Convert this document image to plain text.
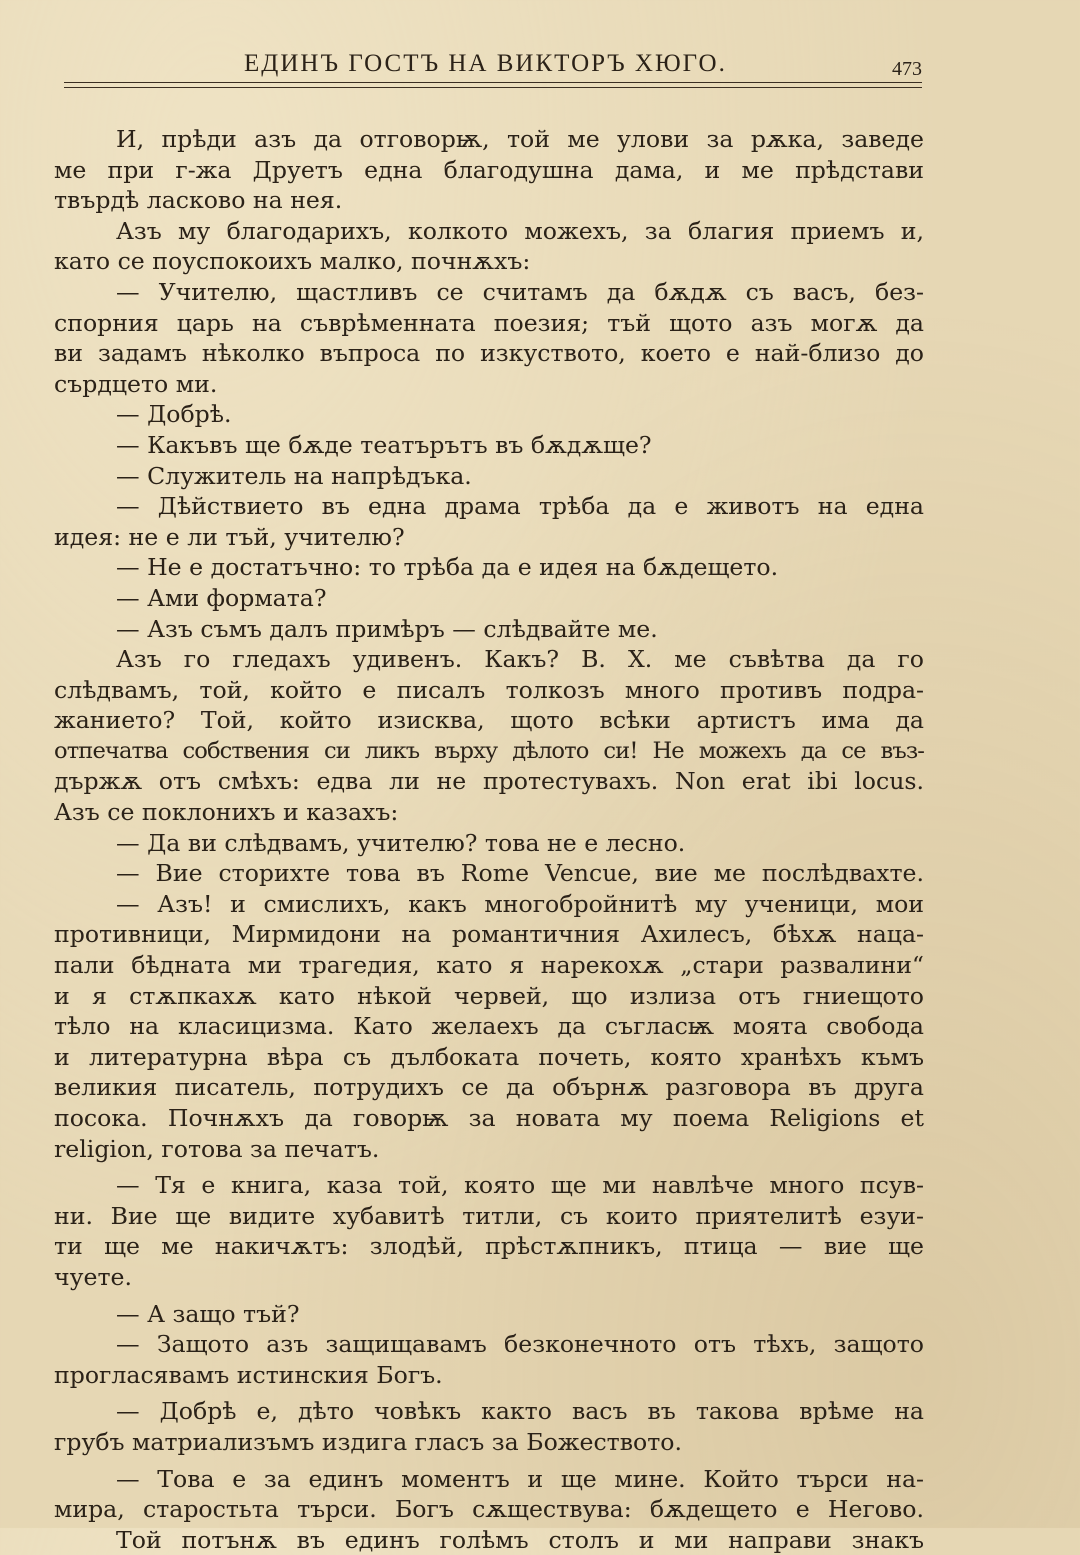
ЕДИНЪ ГОСТЪ НА ВИКТОРЪ ХЮГО.	473
И, прѣди азъ да отговорѭ, той ме улови за рѫка, заведе
ме при г-жа Друетъ една благодушна дама, и ме прѣдстави
твърдѣ ласково на нея.
Азъ му благодарихъ, колкото можехъ, за благия приемъ и,
като се поуспокоихъ малко, почнѫхъ:
— Учителю, щастливъ се считамъ да бѫдѫ съ васъ, без-
спорния царь на съврѣменната поезия; тъй щото азъ могѫ да
ви задамъ нѣколко въпроса по изкуството, което е най-близо до
сърдцето ми.
— Добрѣ.
— Какъвъ ще бѫде театърътъ въ бѫдѫще?
— Служитель на напрѣдъка.
— Дѣйствието въ една драма трѣба да е животъ на една
идея: не е ли тъй, учителю?
— Не е достатъчно: то трѣба да е идея на бѫдещето.
— Ами формата?
— Азъ съмъ далъ примѣръ — слѣдвайте ме.
Азъ го гледахъ удивенъ. Какъ? В. Х. ме съвѣтва да го
слѣдвамъ, той, който е писалъ толкозъ много противъ подра-
жанието? Той, който изисква, щото всѣки артистъ има да
отпечатва собствения си ликъ върху дѣлото си! Не можехъ да се въз-
държѫ отъ смѣхъ: едва ли не протестувахъ. Non erat ibi locus.
Азъ се поклонихъ и казахъ:
— Да ви слѣдвамъ, учителю? това не е лесно.
— Вие сторихте това въ Rome Vencue, вие ме послѣдвахте.
— Азъ! и смислихъ, какъ многобройнитѣ му ученици, мои
противници, Мирмидони на романтичния Ахилесъ, бѣхѫ нацa-
пали бѣдната ми трагедия, като я нарекохѫ „стари развалини“
и я стѫпкахѫ като нѣкой червей, що излиза отъ гниещото
тѣло на класицизма. Като желаехъ да съгласѭ моята свобода
и литературна вѣра съ дълбоката почеть, която хранѣхъ къмъ
великия писатель, потрудихъ се да обърнѫ разговора въ друга
посока. Почнѫхъ да говорѭ за новата му поема Religions et
religion, готова за печатъ.
— Тя е книга, каза той, която ще ми навлѣче много псув-
ни. Вие ще видите хубавитѣ титли, съ които приятелитѣ езуи-
ти ще ме накичѫтъ: злодѣй, прѣстѫпникъ, птица — вие ще
чуете.
— А защо тъй?
— Защото азъ защищавамъ безконечното отъ тѣхъ, защото
прогласявамъ истинския Богъ.
— Добрѣ е, дѣто човѣкъ както васъ въ такова врѣме на
грубъ матриализъмъ издига гласъ за Божеството.
— Това е за единъ моментъ и ще мине. Който търси на-
мира, старостьта търси. Богъ сѫществува: бѫдещето е Негово.
Той потънѫ въ единъ голѣмъ столъ и ми направи знакъ
